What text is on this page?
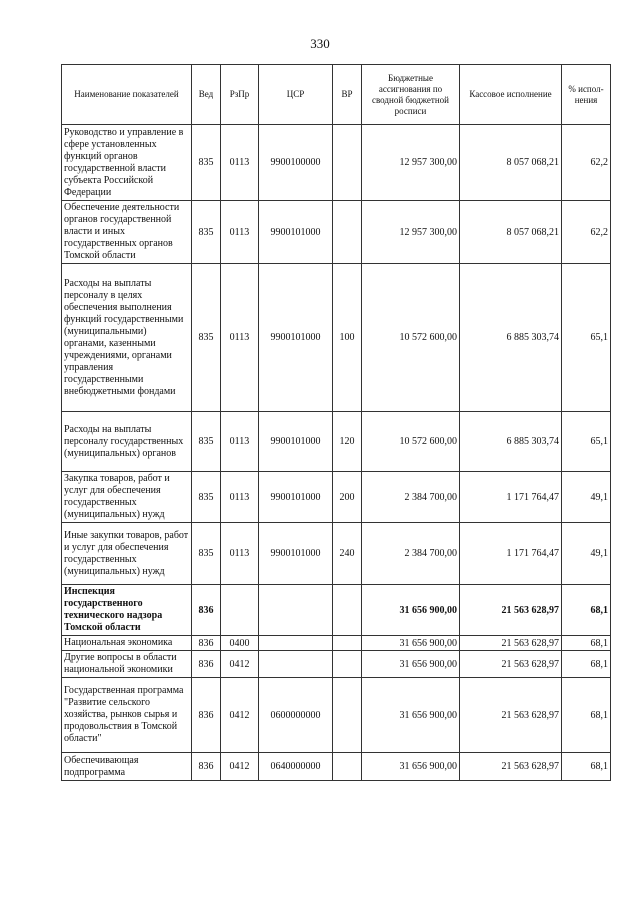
330
Наименование показателей	Вед	РзПр	ЦСР	ВР	Бюджетные ассигнования по сводной бюджетной росписи	Кассовое исполнение	% испол-нения
Руководство и управление в сфере установленных функций органов государственной власти субъекта Российской Федерации	835	0113	9900100000		12 957 300,00	8 057 068,21	62,2
Обеспечение деятельности органов государственной власти и иных государственных органов Томской области	835	0113	9900101000		12 957 300,00	8 057 068,21	62,2
Расходы на выплаты персоналу в целях обеспечения выполнения функций государственными (муниципальными) органами, казенными учреждениями, органами управления государственными внебюджетными фондами	835	0113	9900101000	100	10 572 600,00	6 885 303,74	65,1
Расходы на выплаты персоналу государственных (муниципальных) органов	835	0113	9900101000	120	10 572 600,00	6 885 303,74	65,1
Закупка товаров, работ и услуг для обеспечения государственных (муниципальных) нужд	835	0113	9900101000	200	2 384 700,00	1 171 764,47	49,1
Иные закупки товаров, работ и услуг для обеспечения государственных (муниципальных) нужд	835	0113	9900101000	240	2 384 700,00	1 171 764,47	49,1
Инспекция государственного технического надзора Томской области	836				31 656 900,00	21 563 628,97	68,1
Национальная экономика	836	0400			31 656 900,00	21 563 628,97	68,1
Другие вопросы в области национальной экономики	836	0412			31 656 900,00	21 563 628,97	68,1
Государственная программа "Развитие сельского хозяйства, рынков сырья и продовольствия в Томской области"	836	0412	0600000000		31 656 900,00	21 563 628,97	68,1
Обеспечивающая подпрограмма	836	0412	0640000000		31 656 900,00	21 563 628,97	68,1
